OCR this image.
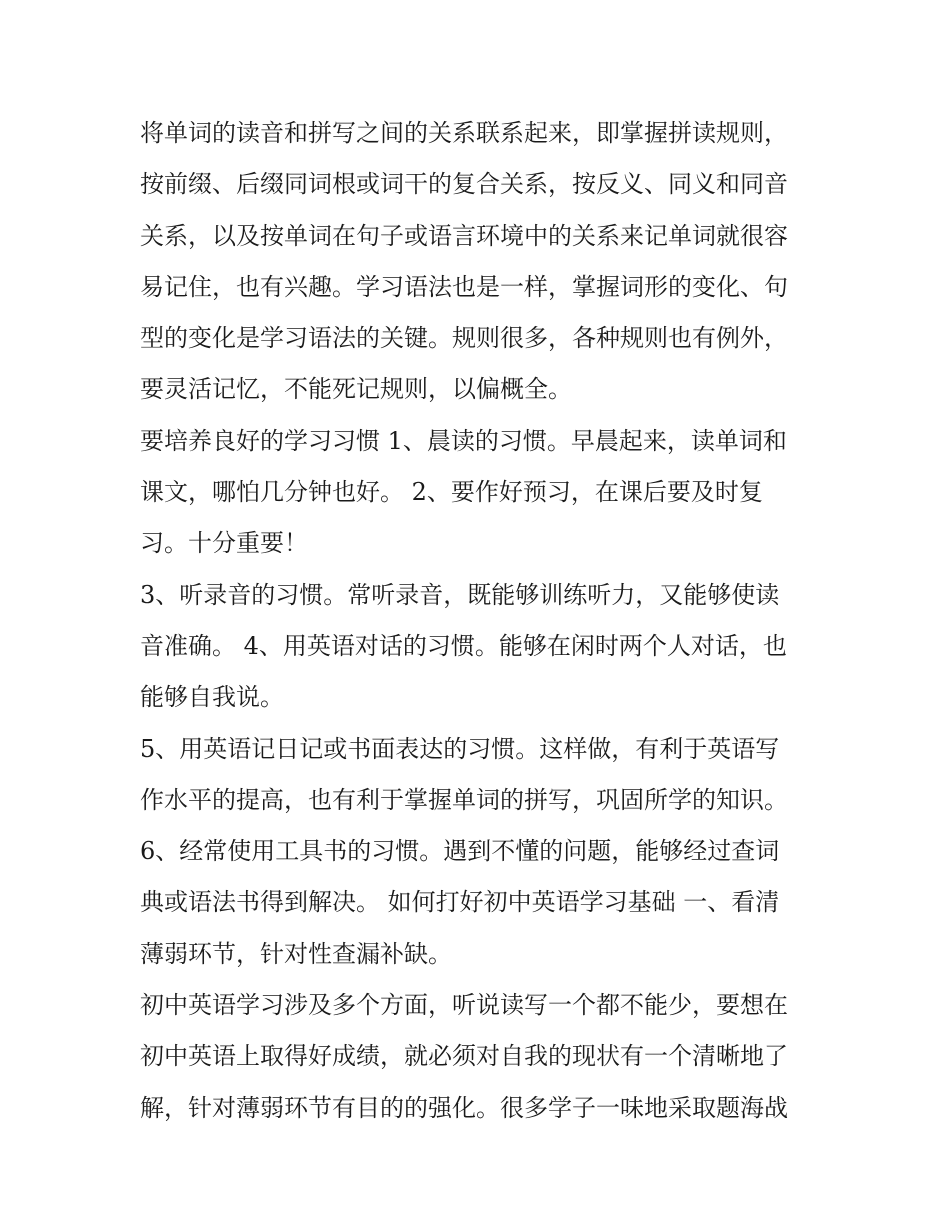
将单词的读音和拼写之间的关系联系起来，即掌握拼读规则，
按前缀、后缀同词根或词干的复合关系，按反义、同义和同音
关系，以及按单词在句子或语言环境中的关系来记单词就很容
易记住，也有兴趣。学习语法也是一样，掌握词形的变化、句
型的变化是学习语法的关键。规则很多，各种规则也有例外，
要灵活记忆，不能死记规则，以偏概全。
要培养良好的学习习惯 1、晨读的习惯。早晨起来，读单词和
课文，哪怕几分钟也好。 2、要作好预习，在课后要及时复
习。十分重要！
3、听录音的习惯。常听录音，既能够训练听力，又能够使读
音准确。 4、用英语对话的习惯。能够在闲时两个人对话，也
能够自我说。
5、用英语记日记或书面表达的习惯。这样做，有利于英语写
作水平的提高，也有利于掌握单词的拼写，巩固所学的知识。
6、经常使用工具书的习惯。遇到不懂的问题，能够经过查词
典或语法书得到解决。 如何打好初中英语学习基础 一、看清
薄弱环节，针对性查漏补缺。
初中英语学习涉及多个方面，听说读写一个都不能少，要想在
初中英语上取得好成绩，就必须对自我的现状有一个清晰地了
解，针对薄弱环节有目的的强化。很多学子一味地采取题海战
